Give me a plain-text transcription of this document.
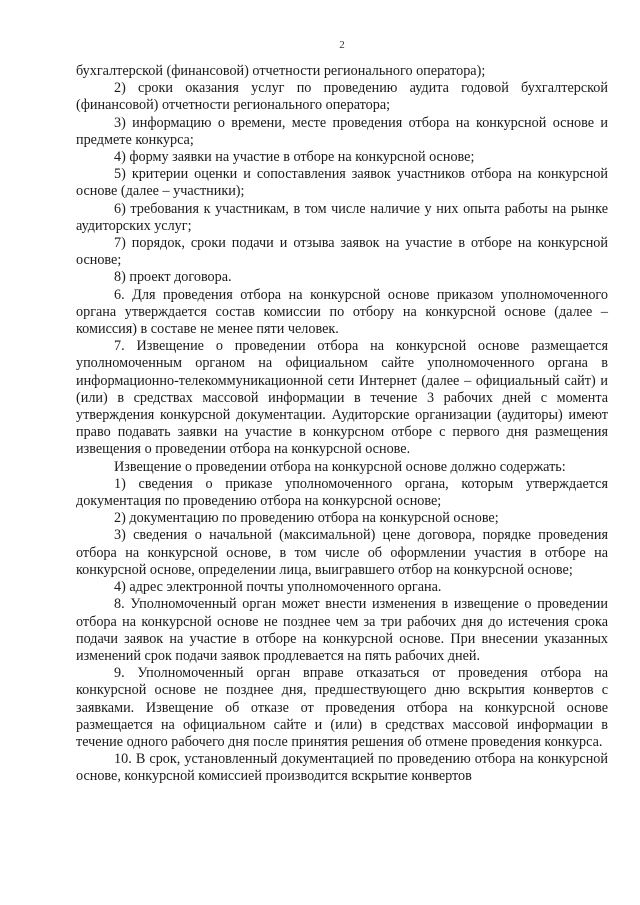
2

бухгалтерской (финансовой) отчетности регионального оператора);

2) сроки оказания услуг по проведению аудита годовой бухгалтерской (финансовой) отчетности регионального оператора;

3) информацию о времени, месте проведения отбора на конкурсной основе и предмете конкурса;

4) форму заявки на участие в отборе на конкурсной основе;

5) критерии оценки и сопоставления заявок участников отбора на конкурсной основе (далее – участники);

6) требования к участникам, в том числе наличие у них опыта работы на рынке аудиторских услуг;

7) порядок, сроки подачи и отзыва заявок на участие в отборе на конкурсной основе;

8) проект договора.

6. Для проведения отбора на конкурсной основе приказом уполномоченного органа утверждается состав комиссии по отбору на конкурсной основе (далее – комиссия) в составе не менее пяти человек.

7. Извещение о проведении отбора на конкурсной основе размещается уполномоченным органом на официальном сайте уполномоченного органа в информационно-телекоммуникационной сети Интернет (далее – официальный сайт) и (или) в средствах массовой информации в течение 3 рабочих дней с момента утверждения конкурсной документации. Аудиторские организации (аудиторы) имеют право подавать заявки на участие в конкурсном отборе с первого дня размещения извещения о проведении отбора на конкурсной основе.

Извещение о проведении отбора на конкурсной основе должно содержать:

1) сведения о приказе уполномоченного органа, которым утверждается документация по проведению отбора на конкурсной основе;

2) документацию по проведению отбора на конкурсной основе;

3) сведения о начальной (максимальной) цене договора, порядке проведения отбора на конкурсной основе, в том числе об оформлении участия в отборе на конкурсной основе, определении лица, выигравшего отбор на конкурсной основе;

4) адрес электронной почты уполномоченного органа.

8. Уполномоченный орган может внести изменения в извещение о проведении отбора на конкурсной основе не позднее чем за три рабочих дня до истечения срока подачи заявок на участие в отборе на конкурсной основе. При внесении указанных изменений срок подачи заявок продлевается на пять рабочих дней.

9. Уполномоченный орган вправе отказаться от проведения отбора на конкурсной основе не позднее дня, предшествующего дню вскрытия конвертов с заявками. Извещение об отказе от проведения отбора на конкурсной основе размещается на официальном сайте и (или) в средствах массовой информации в течение одного рабочего дня после принятия решения об отмене проведения конкурса.

10. В срок, установленный документацией по проведению отбора на конкурсной основе, конкурсной комиссией производится вскрытие конвертов
